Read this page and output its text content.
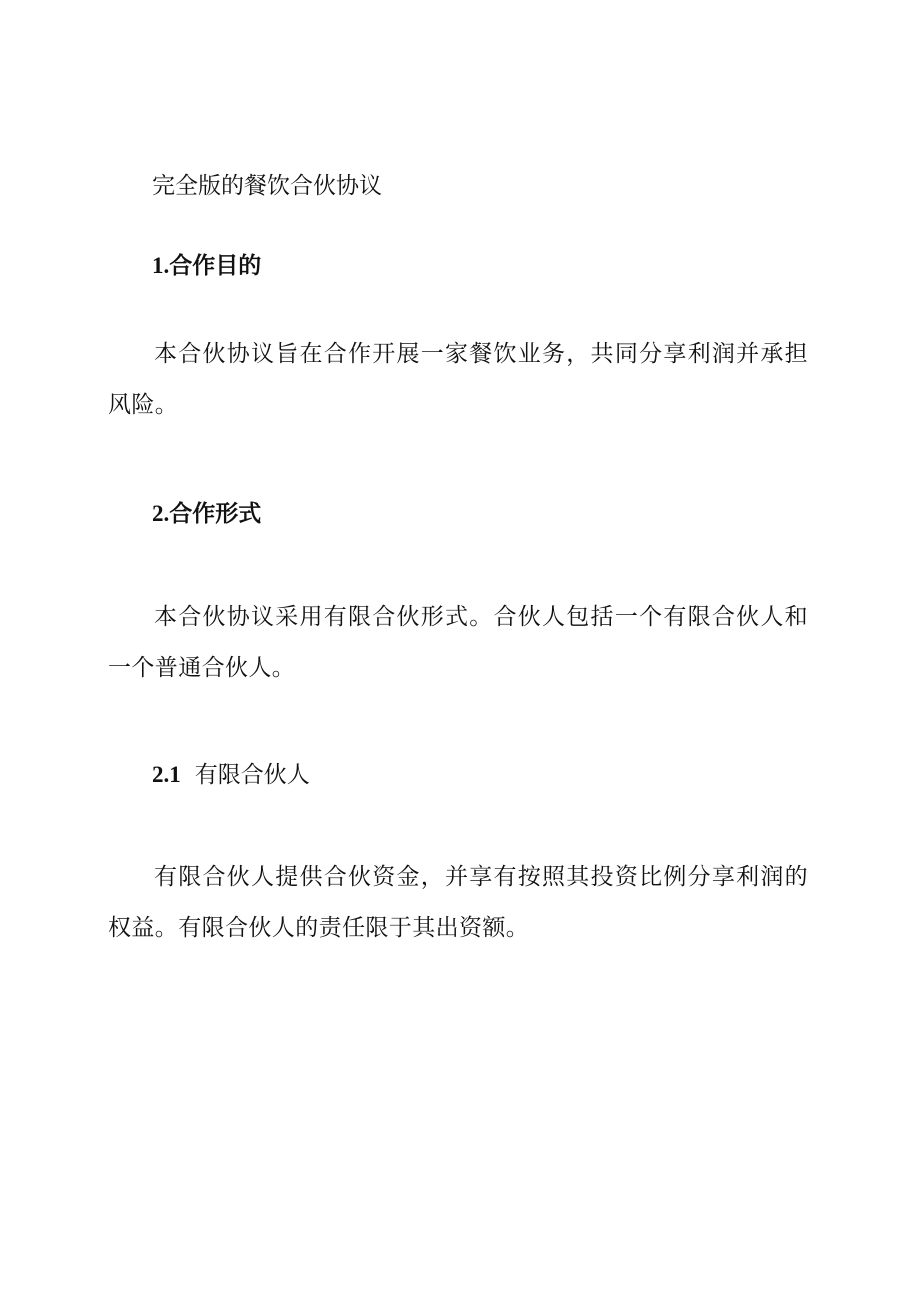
完全版的餐饮合伙协议
1.合作目的

本合伙协议旨在合作开展一家餐饮业务，共同分享利润并承担风险。

2.合作形式

本合伙协议采用有限合伙形式。合伙人包括一个有限合伙人和一个普通合伙人。

2.1 有限合伙人

有限合伙人提供合伙资金，并享有按照其投资比例分享利润的权益。有限合伙人的责任限于其出资额。
